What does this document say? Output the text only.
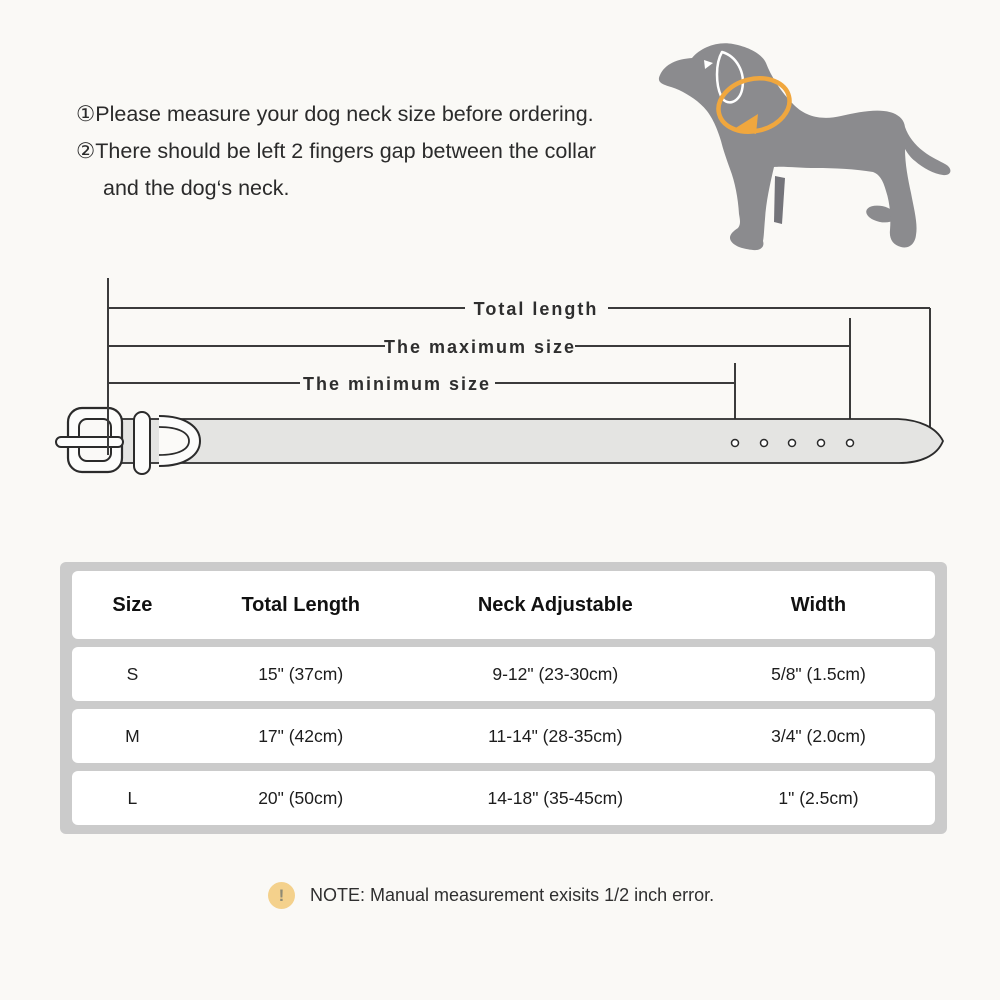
①Please measure your dog neck size before ordering.
②There should be left 2 fingers gap between the collar and the dog‘s neck.
Total length
The maximum size
The minimum size
Size	Total Length	Neck Adjustable	Width
S	15" (37cm)	9-12" (23-30cm)	5/8" (1.5cm)
M	17" (42cm)	11-14" (28-35cm)	3/4" (2.0cm)
L	20" (50cm)	14-18" (35-45cm)	1" (2.5cm)
!	NOTE: Manual measurement exisits 1/2 inch error.
